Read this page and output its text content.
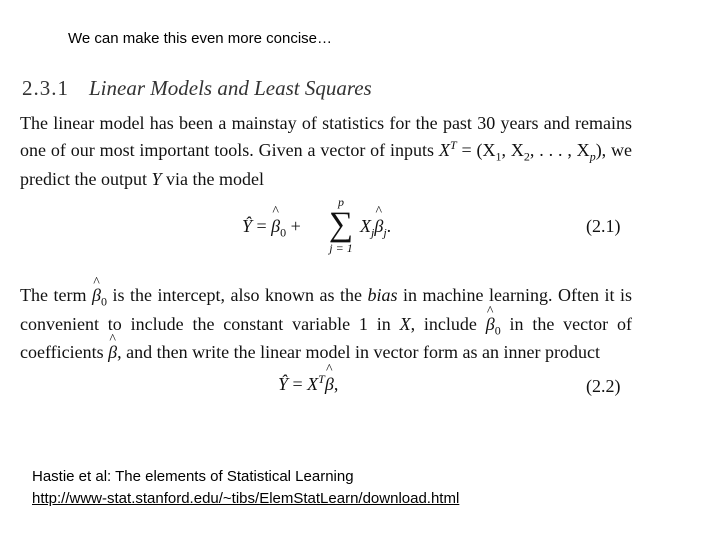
We can make this even more concise…
2.3.1 Linear Models and Least Squares
The linear model has been a mainstay of statistics for the past 30 years and remains one of our most important tools. Given a vector of inputs $X^T = (X_1$, $X_2$, . . . , $X_p$), we predict the output Y via the model
Ŷ = ^ $\beta_0$ +
p
∑
j = 1
$X_j\^{}$ $\beta_j$.	(2.1)
The term ^ $\beta_0$ is the intercept, also known as the bias in machine learning. Often it is convenient to include the constant variable 1 in X, include ^ $\beta_0$ in the vector of coefficients ^ β, and then write the linear model in vector form as an inner product
Ŷ = $X^T\^{}$ β,	(2.2)
Hastie et al: The elements of Statistical Learning
http://www-stat.stanford.edu/~tibs/ElemStatLearn/download.html
